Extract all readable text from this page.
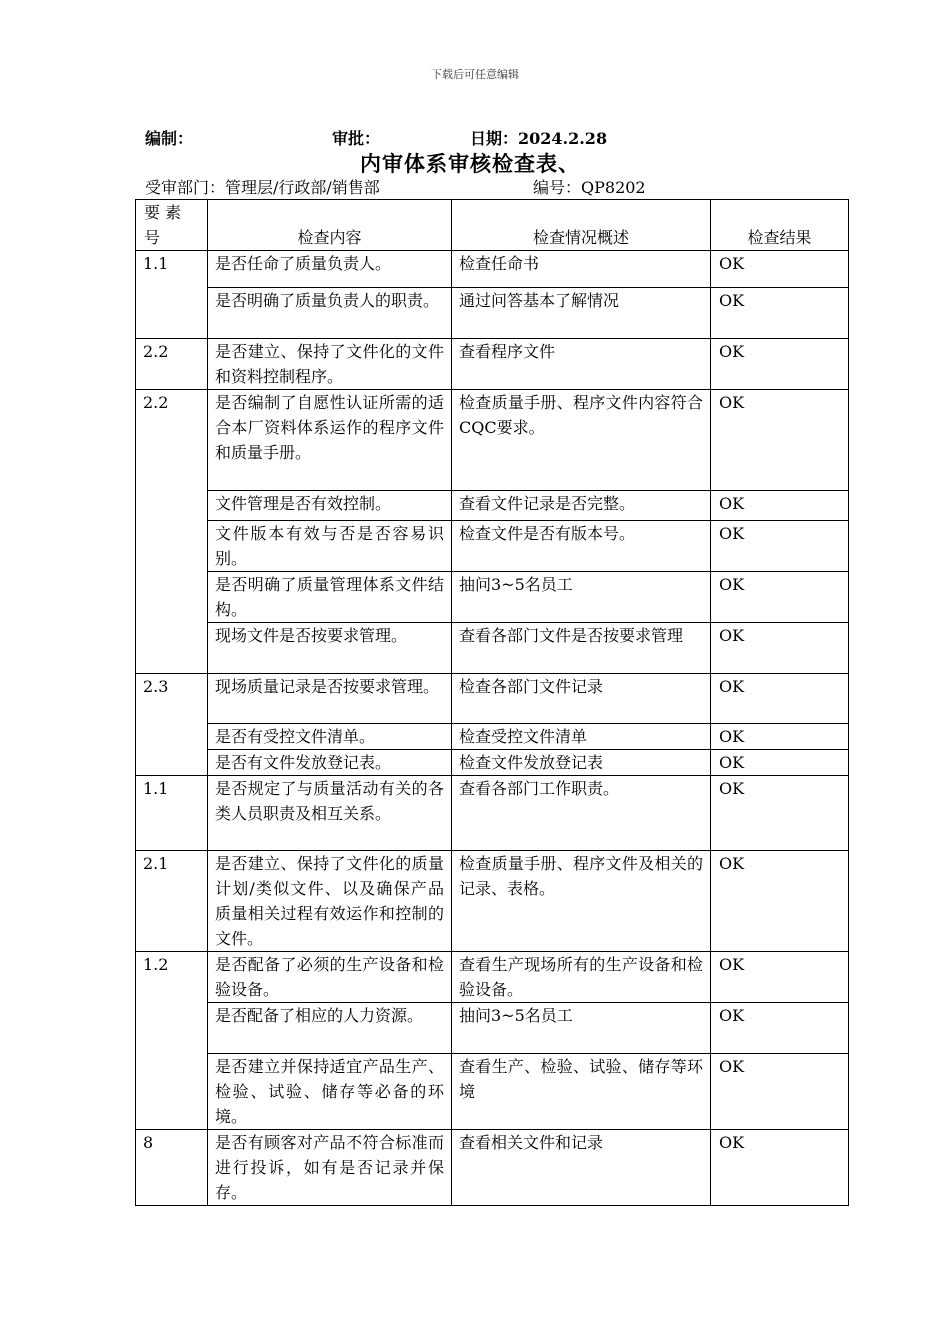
下载后可任意编辑
编制：	审批：	日期：2024.2.28
内审体系审核检查表、
受审部门：管理层/行政部/销售部	编号：QP8202
要 素 号	检查内容	检查情况概述	检查结果
1.1	是否任命了质量负责人。	检查任命书	OK
	是否明确了质量负责人的职责。	通过问答基本了解情况	OK
2.2	是否建立、保持了文件化的文件和资料控制程序。	查看程序文件	OK
2.2	是否编制了自愿性认证所需的适合本厂资料体系运作的程序文件和质量手册。	检查质量手册、程序文件内容符合CQC要求。	OK
	文件管理是否有效控制。	查看文件记录是否完整。	OK
	文件版本有效与否是否容易识别。	检查文件是否有版本号。	OK
	是否明确了质量管理体系文件结构。	抽问3~5名员工	OK
	现场文件是否按要求管理。	查看各部门文件是否按要求管理	OK
2.3	现场质量记录是否按要求管理。	检查各部门文件记录	OK
	是否有受控文件清单。	检查受控文件清单	OK
	是否有文件发放登记表。	检查文件发放登记表	OK
1.1	是否规定了与质量活动有关的各类人员职责及相互关系。	查看各部门工作职责。	OK
2.1	是否建立、保持了文件化的质量计划/类似文件、以及确保产品质量相关过程有效运作和控制的文件。	检查质量手册、程序文件及相关的记录、表格。	OK
1.2	是否配备了必须的生产设备和检验设备。	查看生产现场所有的生产设备和检验设备。	OK
	是否配备了相应的人力资源。	抽问3~5名员工	OK
	是否建立并保持适宜产品生产、检验、试验、储存等必备的环境。	查看生产、检验、试验、储存等环境	OK
8	是否有顾客对产品不符合标准而进行投诉，如有是否记录并保存。	查看相关文件和记录	OK
